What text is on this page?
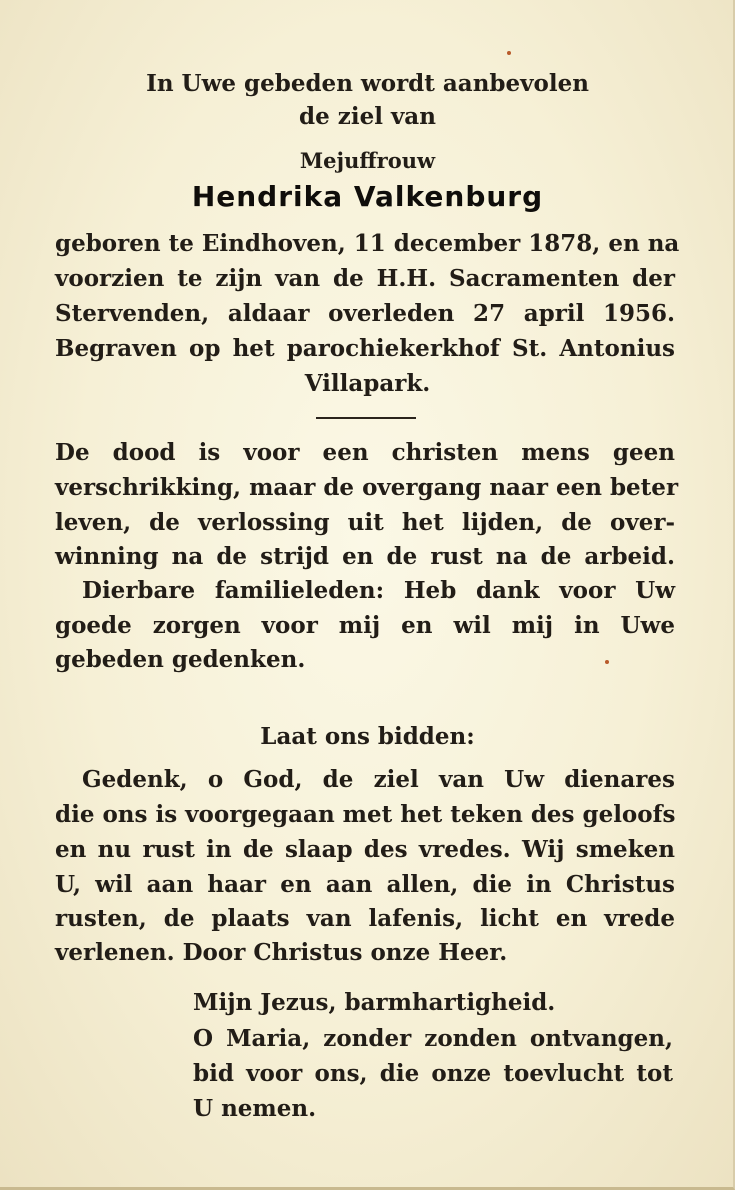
In Uwe gebeden wordt aanbevolen
de ziel van
Mejuffrouw
Hendrika Valkenburg
geboren te Eindhoven, 11 december 1878, en na
voorzien te zijn van de H.H. Sacramenten der
Stervenden, aldaar overleden 27 april 1956.
Begraven op het parochiekerkhof St. Antonius
Villapark.
De dood is voor een christen mens geen
verschrikking, maar de overgang naar een beter
leven, de verlossing uit het lijden, de over-
winning na de strijd en de rust na de arbeid.
Dierbare familieleden: Heb dank voor Uw
goede zorgen voor mij en wil mij in Uwe
gebeden gedenken.
Laat ons bidden:
Gedenk, o God, de ziel van Uw dienares
die ons is voorgegaan met het teken des geloofs
en nu rust in de slaap des vredes. Wij smeken
U, wil aan haar en aan allen, die in Christus
rusten, de plaats van lafenis, licht en vrede
verlenen. Door Christus onze Heer.
Mijn Jezus, barmhartigheid.
O Maria, zonder zonden ontvangen,
bid voor ons, die onze toevlucht tot
U nemen.
